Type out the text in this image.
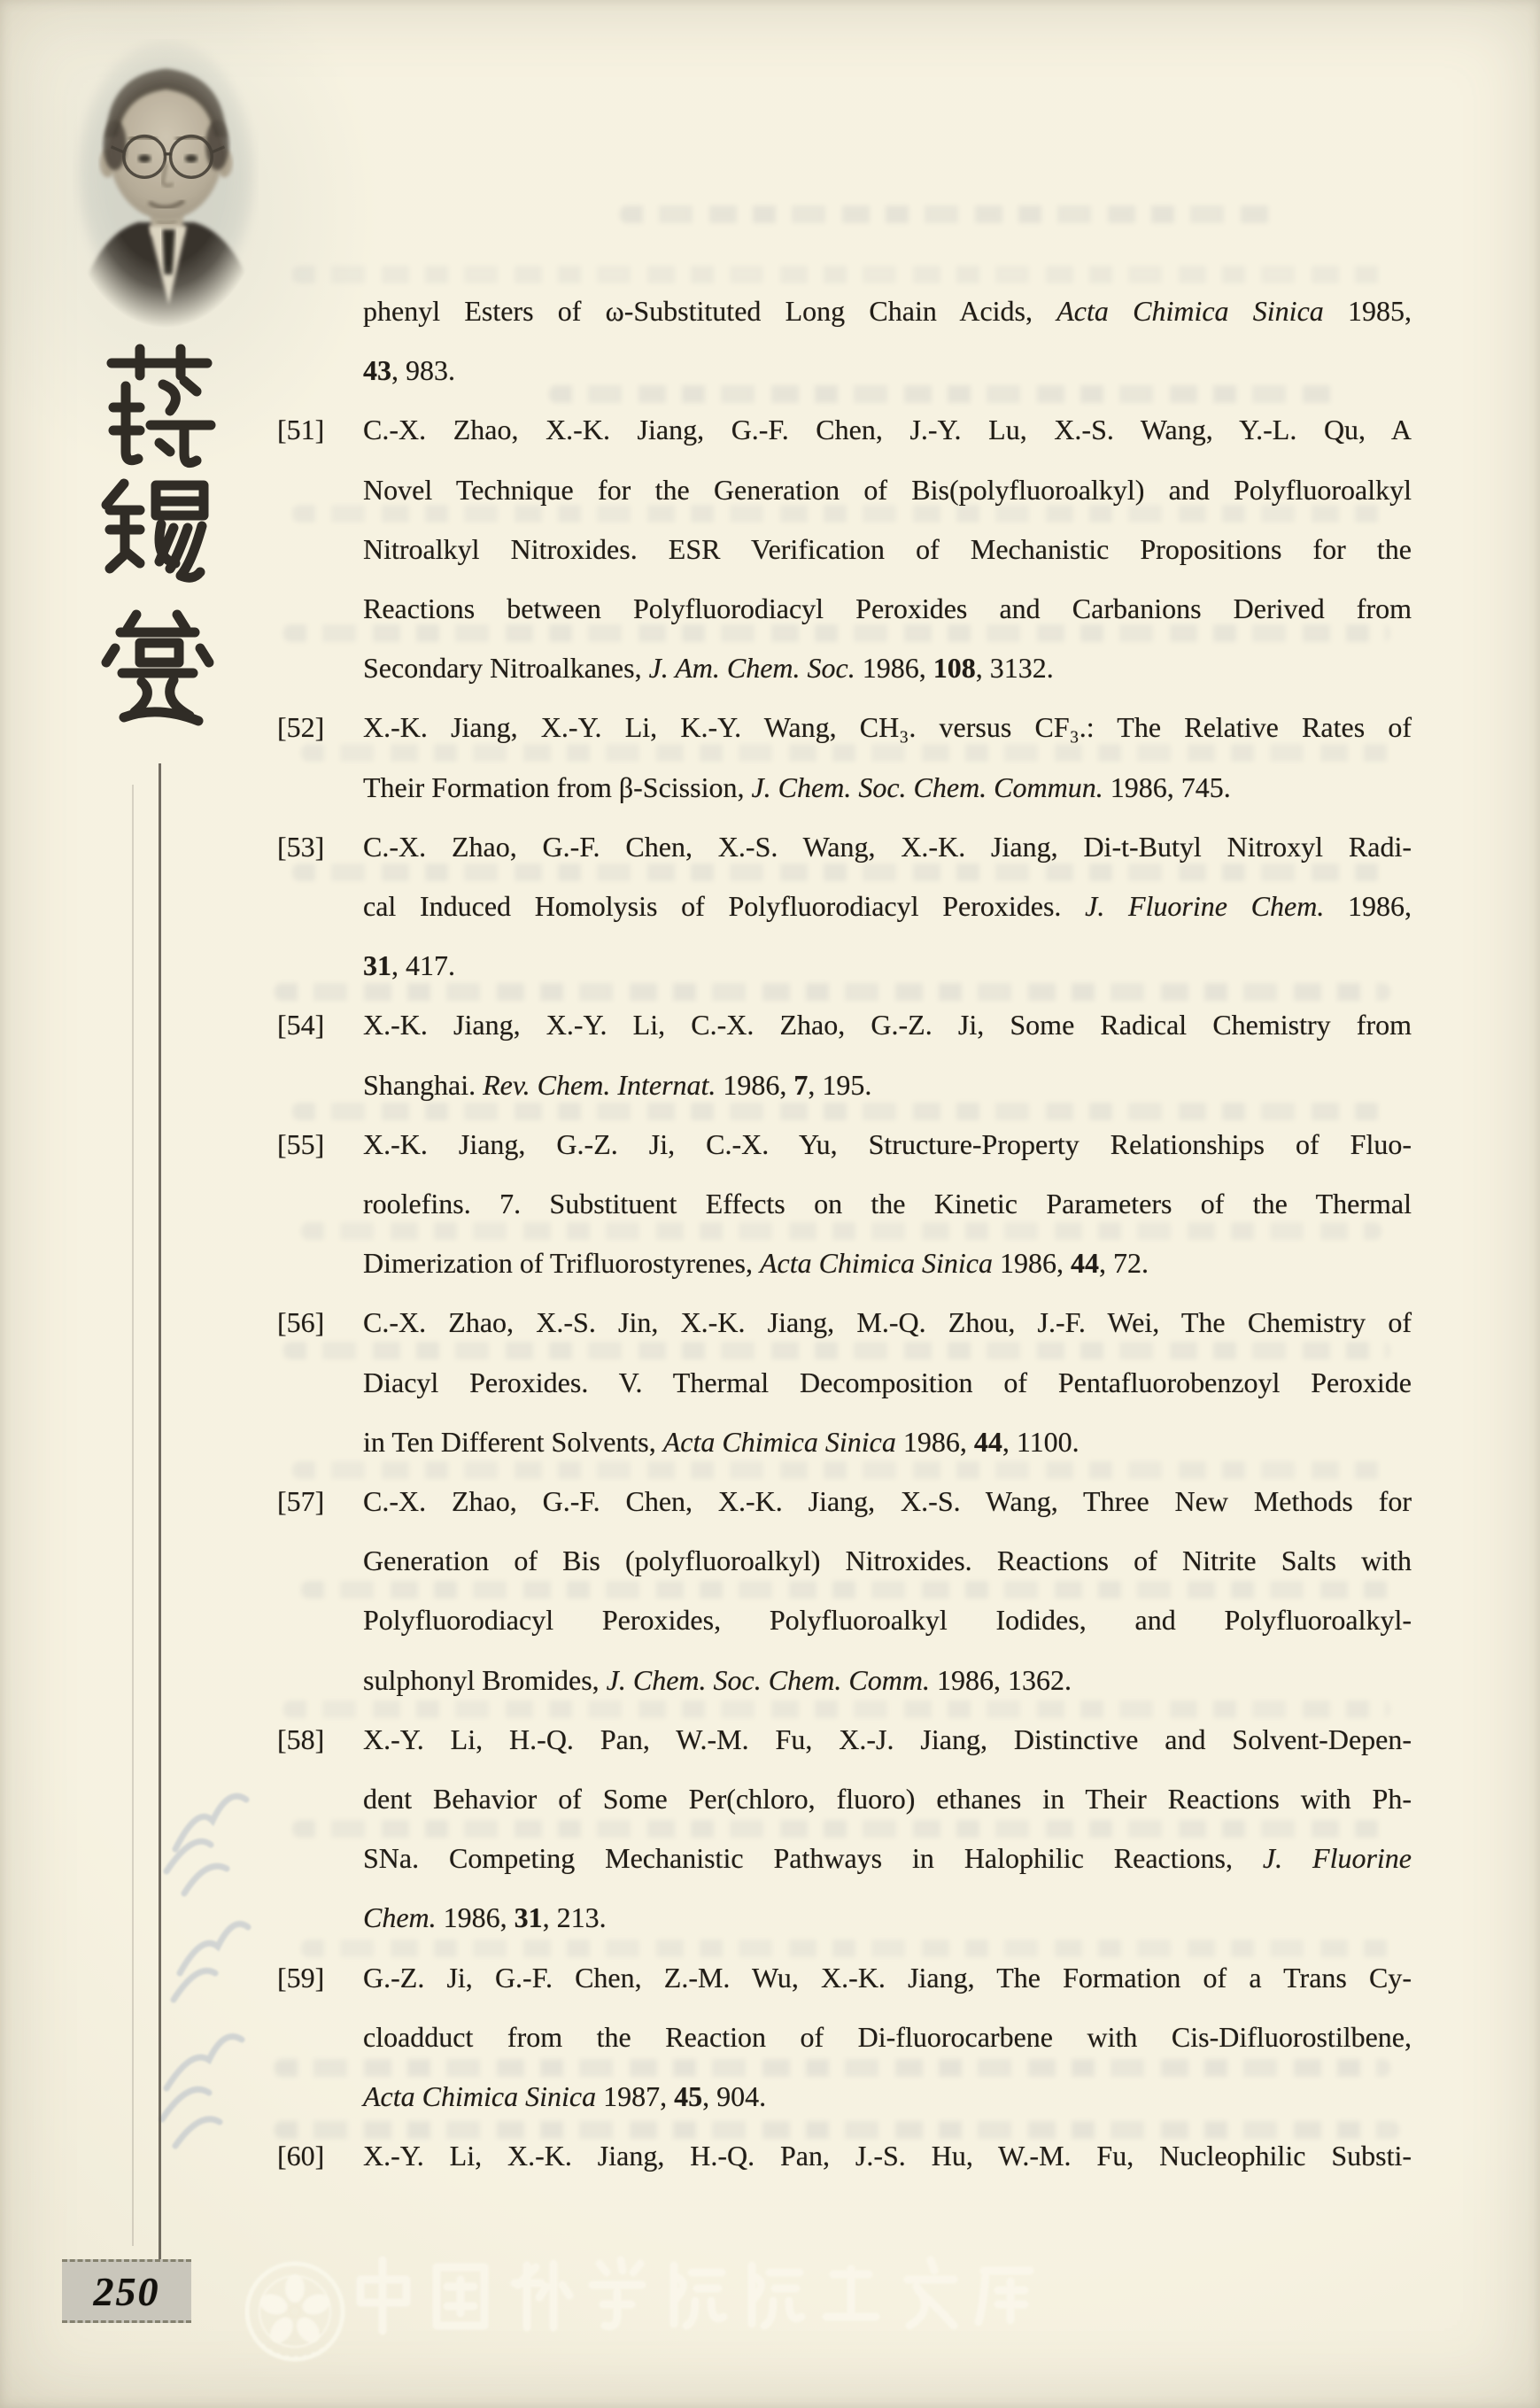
phenyl Esters of ω-Substituted Long Chain Acids, Acta Chimica Sinica 1985,
43, 983.
[51] C.-X. Zhao, X.-K. Jiang, G.-F. Chen, J.-Y. Lu, X.-S. Wang, Y.-L. Qu, A
Novel Technique for the Generation of Bis(polyfluoroalkyl) and Polyfluoroalkyl
Nitroalkyl Nitroxides. ESR Verification of Mechanistic Propositions for the
Reactions between Polyfluorodiacyl Peroxides and Carbanions Derived from
Secondary Nitroalkanes, J. Am. Chem. Soc. 1986, 108, 3132.
[52] X.-K. Jiang, X.-Y. Li, K.-Y. Wang, CH₃. versus CF₃.: The Relative Rates of
Their Formation from β-Scission, J. Chem. Soc. Chem. Commun. 1986, 745.
[53] C.-X. Zhao, G.-F. Chen, X.-S. Wang, X.-K. Jiang, Di-t-Butyl Nitroxyl Radi-
cal Induced Homolysis of Polyfluorodiacyl Peroxides. J. Fluorine Chem. 1986,
31, 417.
[54] X.-K. Jiang, X.-Y. Li, C.-X. Zhao, G.-Z. Ji, Some Radical Chemistry from
Shanghai. Rev. Chem. Internat. 1986, 7, 195.
[55] X.-K. Jiang, G.-Z. Ji, C.-X. Yu, Structure-Property Relationships of Fluo-
roolefins. 7. Substituent Effects on the Kinetic Parameters of the Thermal
Dimerization of Trifluorostyrenes, Acta Chimica Sinica 1986, 44, 72.
[56] C.-X. Zhao, X.-S. Jin, X.-K. Jiang, M.-Q. Zhou, J.-F. Wei, The Chemistry of
Diacyl Peroxides. V. Thermal Decomposition of Pentafluorobenzoyl Peroxide
in Ten Different Solvents, Acta Chimica Sinica 1986, 44, 1100.
[57] C.-X. Zhao, G.-F. Chen, X.-K. Jiang, X.-S. Wang, Three New Methods for
Generation of Bis (polyfluoroalkyl) Nitroxides. Reactions of Nitrite Salts with
Polyfluorodiacyl Peroxides, Polyfluoroalkyl Iodides, and Polyfluoroalkyl-
sulphonyl Bromides, J. Chem. Soc. Chem. Comm. 1986, 1362.
[58] X.-Y. Li, H.-Q. Pan, W.-M. Fu, X.-J. Jiang, Distinctive and Solvent-Depen-
dent Behavior of Some Per(chloro, fluoro) ethanes in Their Reactions with Ph-
SNa. Competing Mechanistic Pathways in Halophilic Reactions, J. Fluorine
Chem. 1986, 31, 213.
[59] G.-Z. Ji, G.-F. Chen, Z.-M. Wu, X.-K. Jiang, The Formation of a Trans Cy-
cloadduct from the Reaction of Di-fluorocarbene with Cis-Difluorostilbene,
Acta Chimica Sinica 1987, 45, 904.
[60] X.-Y. Li, X.-K. Jiang, H.-Q. Pan, J.-S. Hu, W.-M. Fu, Nucleophilic Substi-
250
